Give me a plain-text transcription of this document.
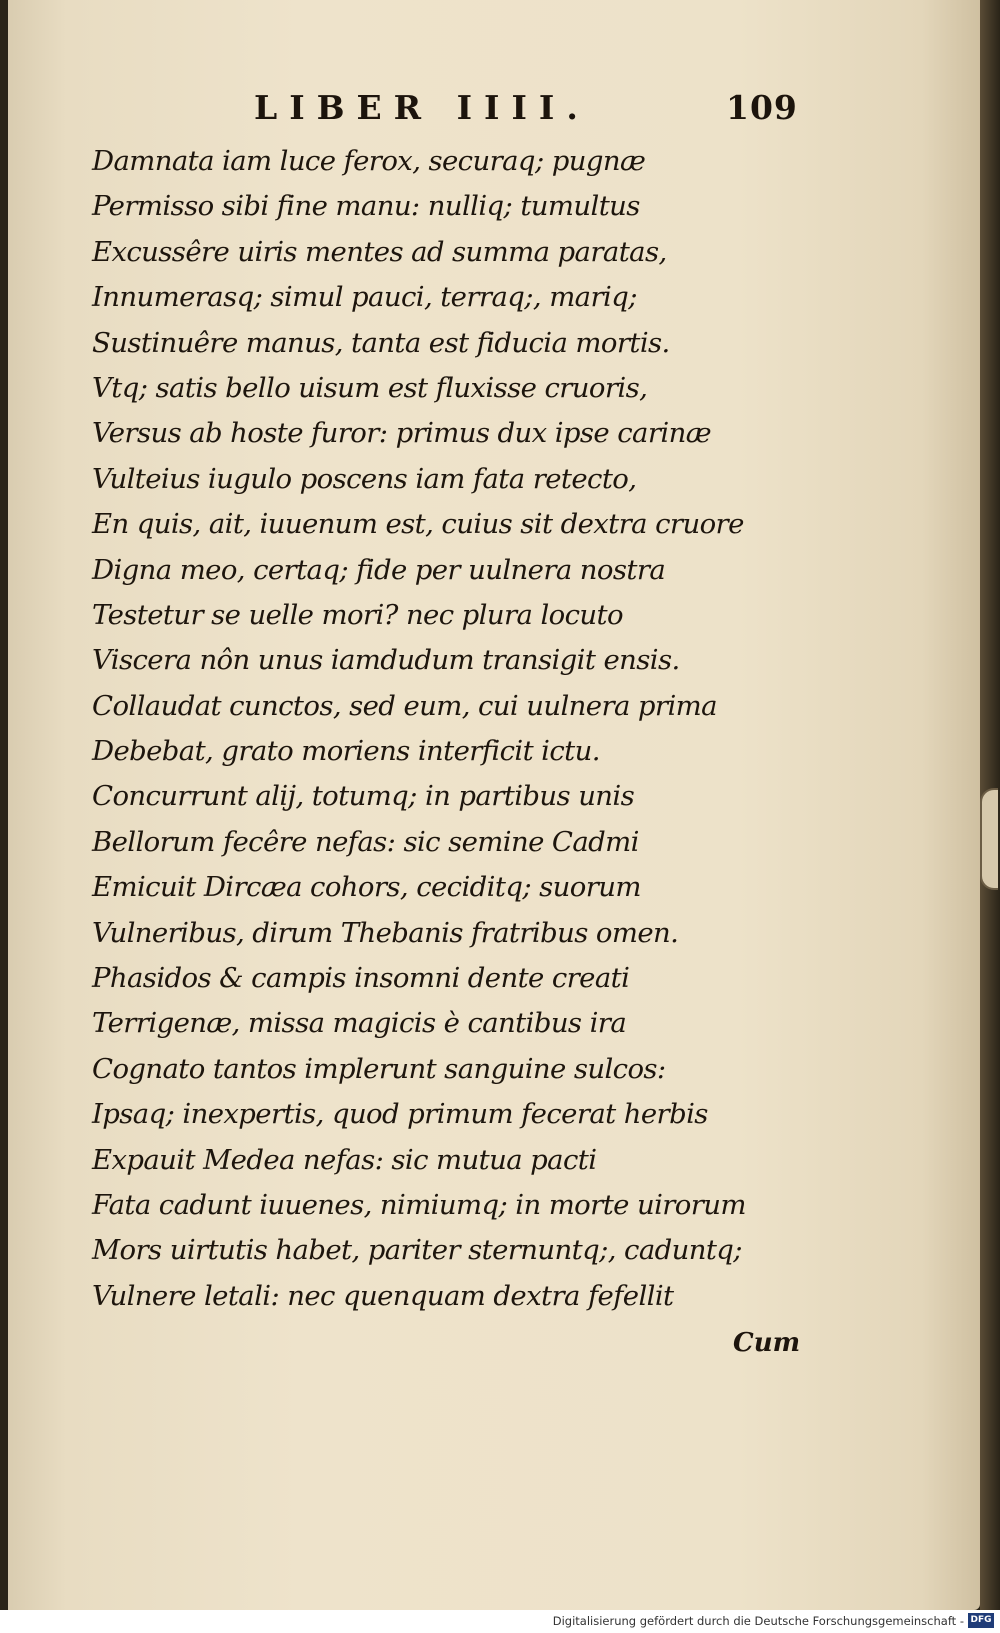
LIBER IIII.	109
Damnata iam luce ferox, securaq; pugnæ
Permisso sibi fine manu: nulliq; tumultus
Excussêre uiris mentes ad summa paratas,
Innumerasq; simul pauci, terraq;, mariq;
Sustinuêre manus, tanta est fiducia mortis.
Vtq; satis bello uisum est fluxisse cruoris,
Versus ab hoste furor: primus dux ipse carinæ
Vulteius iugulo poscens iam fata retecto,
En quis, ait, iuuenum est, cuius sit dextra cruore
Digna meo, certaq; fide per uulnera nostra
Testetur se uelle mori? nec plura locuto
Viscera nôn unus iamdudum transigit ensis.
Collaudat cunctos, sed eum, cui uulnera prima
Debebat, grato moriens interficit ictu.
Concurrunt alij, totumq; in partibus unis
Bellorum fecêre nefas: sic semine Cadmi
Emicuit Dircæa cohors, ceciditq; suorum
Vulneribus, dirum Thebanis fratribus omen.
Phasidos & campis insomni dente creati
Terrigenæ, missa magicis è cantibus ira
Cognato tantos implerunt sanguine sulcos:
Ipsaq; inexpertis, quod primum fecerat herbis
Expauit Medea nefas: sic mutua pacti
Fata cadunt iuuenes, nimiumq; in morte uirorum
Mors uirtutis habet, pariter sternuntq;, caduntq;
Vulnere letali: nec quenquam dextra fefellit
Cum
Digitalisierung gefördert durch die Deutsche Forschungsgemeinschaft - DFG
